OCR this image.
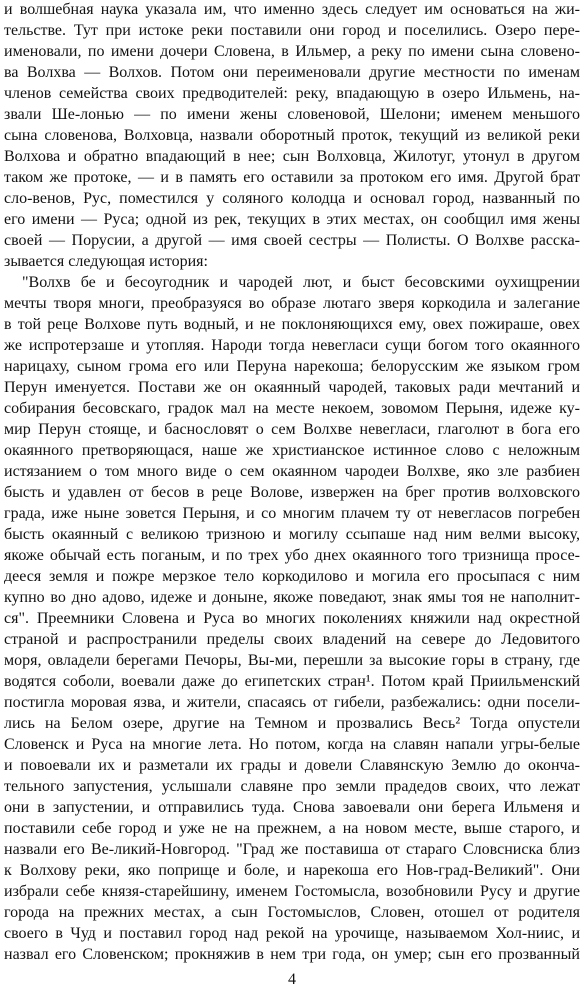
и волшебная наука указала им, что именно здесь следует им основаться на жи-
тельстве. Тут при истоке реки поставили они город и поселились. Озеро пере-
именовали, по имени дочери Словена, в Ильмер, а реку по имени сына словено-
ва Волхва — Волхов. Потом они переименовали другие местности по именам
членов семейства своих предводителей: реку, впадающую в озеро Ильмень, на-
звали Ше-лонью — по имени жены словеновой, Шелони; именем меньшого
сына словенова, Волховца, назвали оборотный проток, текущий из великой реки
Волхова и обратно впадающий в нее; сын Волховца, Жилотуг, утонул в другом
таком же протоке, — и в память его оставили за протоком его имя. Другой брат
сло-венов, Рус, поместился у соляного колодца и основал город, названный по
его имени — Руса; одной из рек, текущих в этих местах, он сообщил имя жены
своей — Порусии, а другой — имя своей сестры — Полисты. О Волхве расска-
зывается следующая история:
"Волхв бе и бесоугодник и чародей лют, и быст бесовскими оухищрении
мечты творя многи, преобразуяся во образе лютаго зверя коркодила и залегание
в той реце Волхове путь водный, и не поклоняющихся ему, овех пожираше, овех
же испротерзаше и утопляя. Народи тогда невегласи сущи богом того окаянного
нарицаху, сыном грома его или Перуна нарекоша; белорусским же языком гром
Перун именуется. Постави же он окаянный чародей, таковых ради мечтаний и
собирания бесовскаго, градок мал на месте некоем, зовомом Перыня, идеже ку-
мир Перун стояще, и баснословят о сем Волхве невегласи, глаголют в бога его
окаянного претворяющася, наше же христианское истинное слово с неложным
истязанием о том много виде о сем окаянном чародеи Волхве, яко зле разбиен
бысть и удавлен от бесов в реце Волове, извержен на брег против волховского
града, иже ныне зовется Перыня, и со многим плачем ту от невегласов погребен
бысть окаянный с великою тризною и могилу ссыпаше над ним велми высоку,
якоже обычай есть поганым, и по трех убо днех окаянного того тризнища просе-
дееся земля и пожре мерзкое тело коркодилово и могила его просыпася с ним
купно во дно адово, идеже и доныне, якоже поведают, знак ямы тоя не наполнит-
ся". Преемники Словена и Руса во многих поколениях княжили над окрестной
страной и распространили пределы своих владений на севере до Ледовитого
моря, овладели берегами Печоры, Вы-ми, перешли за высокие горы в страну, где
водятся соболи, воевали даже до египетских стран¹. Потом край Приильменский
постигла моровая язва, и жители, спасаясь от гибели, разбежались: одни посели-
лись на Белом озере, другие на Темном и прозвались Весь² Тогда опустели
Словенск и Руса на многие лета. Но потом, когда на славян напали угры-белые
и повоевали их и разметали их грады и довели Славянскую Землю до оконча-
тельного запустения, услышали славяне про земли прадедов своих, что лежат
они в запустении, и отправились туда. Снова завоевали они берега Ильменя и
поставили себе город и уже не на прежнем, а на новом месте, выше старого, и
назвали его Ве-ликий-Новгород. "Град же поставиша от стараго Словсниска близ
к Волхову реки, яко поприще и боле, и нарекоша его Нов-град-Великий". Они
избрали себе князя-старейшину, именем Гостомысла, возобновили Русу и другие
города на прежних местах, а сын Гостомыслов, Словен, отошел от родителя
своего в Чуд и поставил город над рекой на урочище, называемом Хол-ниис, и
назвал его Словенском; прокняжив в нем три года, он умер; сын его прозванный
4
